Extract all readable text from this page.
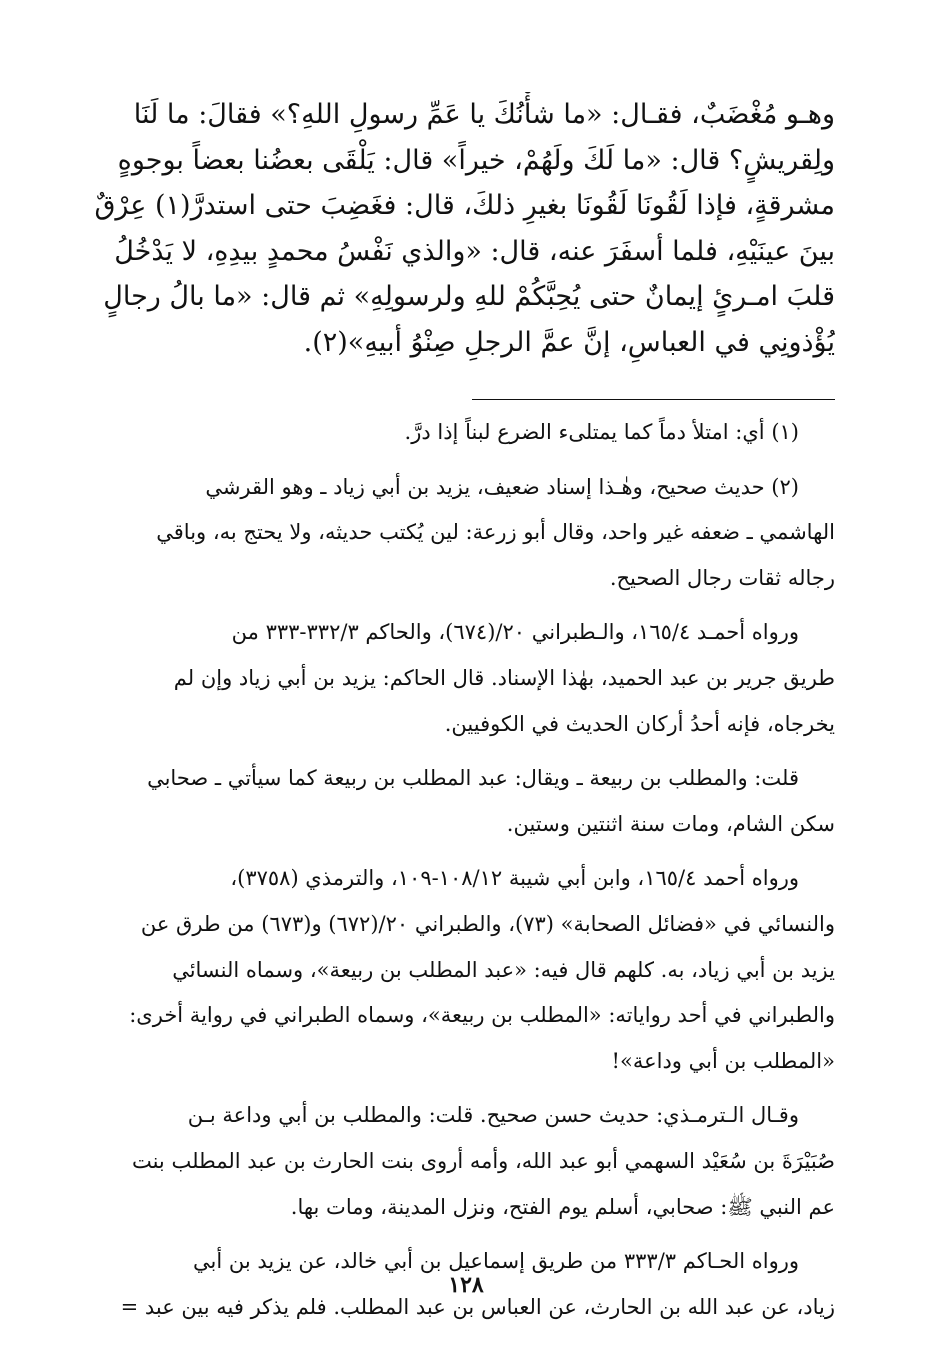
وهـو مُغْضَبٌ، فقـال: «ما شأْنُكَ يا عَمِّ رسولِ اللهِ؟» فقالَ: ما لَنَا
ولِقريشٍ؟ قال: «ما لَكَ ولَهُمْ، خيراً» قال: يَلْقَى بعضُنا بعضاً بوجوهٍ
مشرقةٍ، فإذا لَقُونَا لَقُونَا بغيرِ ذلكَ، قال: فغَضِبَ حتى استدرَّ(١) عِرْقٌ
بينَ عينَيْهِ، فلما أسفَرَ عنه، قال: «والذي نَفْسُ محمدٍ بيدِهِ، لا يَدْخُلُ
قلبَ امـرئٍ إيمانٌ حتى يُحِبَّكُمْ للهِ ولرسولِهِ» ثم قال: «ما بالُ رجالٍ
يُؤْذونِي في العباسِ، إنَّ عمَّ الرجلِ صِنْوُ أبيهِ»(٢).
(١) أي: امتلأ دماً كما يمتلىء الضرع لبناً إذا درَّ.
(٢) حديث صحيح، وهٰـذا إسناد ضعيف، يزيد بن أبي زياد ـ وهو القرشي
الهاشمي ـ ضعفه غير واحد، وقال أبو زرعة: لين يُكتب حديثه، ولا يحتج به، وباقي
رجاله ثقات رجال الصحيح.
ورواه أحمـد ١٦٥/٤، والـطبراني ٢٠/(٦٧٤)، والحاكم ٣٣٢/٣-٣٣٣ من
طريق جرير بن عبد الحميد، بهٰذا الإسناد. قال الحاكم: يزيد بن أبي زياد وإن لم
يخرجاه، فإنه أحدُ أركان الحديث في الكوفيين.
قلت: والمطلب بن ربيعة ـ ويقال: عبد المطلب بن ربيعة كما سيأتي ـ صحابي
سكن الشام، ومات سنة اثنتين وستين.
ورواه أحمد ١٦٥/٤، وابن أبي شيبة ١٠٨/١٢-١٠٩، والترمذي (٣٧٥٨)،
والنسائي في «فضائل الصحابة» (٧٣)، والطبراني ٢٠/(٦٧٢) و(٦٧٣) من طرق عن
يزيد بن أبي زياد، به. كلهم قال فيه: «عبد المطلب بن ربيعة»، وسماه النسائي
والطبراني في أحد رواياته: «المطلب بن ربيعة»، وسماه الطبراني في رواية أخرى:
«المطلب بن أبي وداعة»!
وقـال الـترمـذي: حديث حسن صحيح. قلت: والمطلب بن أبي وداعة بـن
صُبَيْرَةَ بن سُعَيْد السهمي أبو عبد الله، وأمه أروى بنت الحارث بن عبد المطلب بنت
عم النبي ﷺ: صحابي، أسلم يوم الفتح، ونزل المدينة، ومات بها.
ورواه الحـاكم ٣٣٣/٣ من طريق إسماعيل بن أبي خالد، عن يزيد بن أبي
زياد، عن عبد الله بن الحارث، عن العباس بن عبد المطلب. فلم يذكر فيه بين عبد =
١٢٨
